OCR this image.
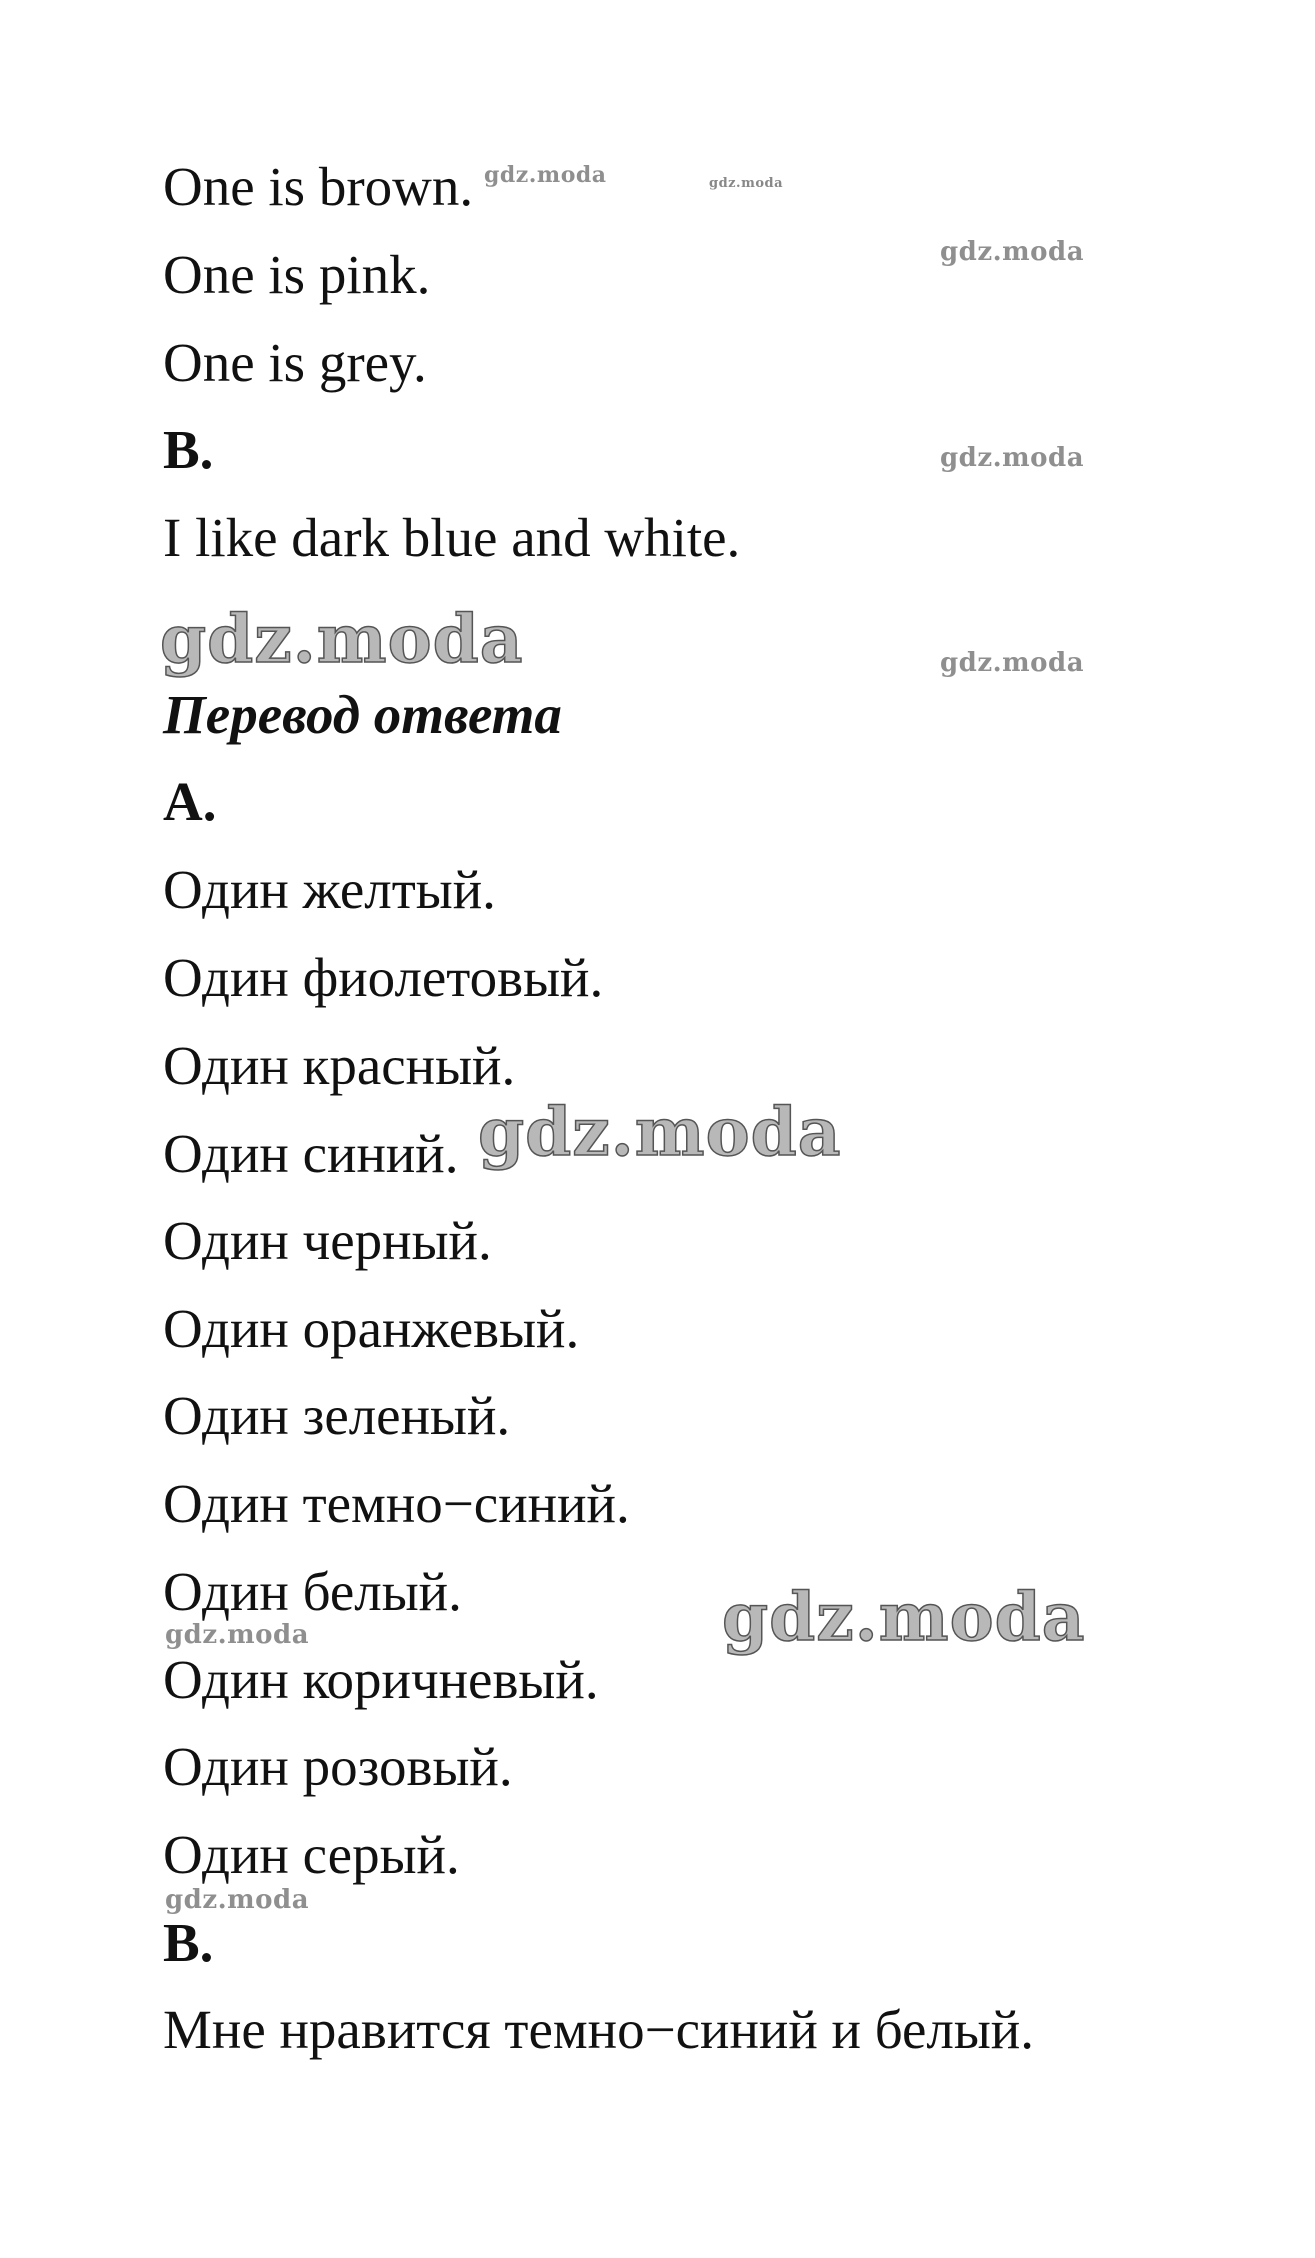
One is brown.
One is pink.
One is grey.
B.
I like dark blue and white.
Перевод ответа
A.
Один желтый.
Один фиолетовый.
Один красный.
Один синий.
Один черный.
Один оранжевый.
Один зеленый.
Один темно−синий.
Один белый.
Один коричневый.
Один розовый.
Один серый.
B.
Мне нравится темно−синий и белый.
gdz.moda	gdz.moda
gdz.moda
gdz.moda
gdz.moda	gdz.moda
gdz.moda
gdz.moda
gdz.moda
gdz.moda
